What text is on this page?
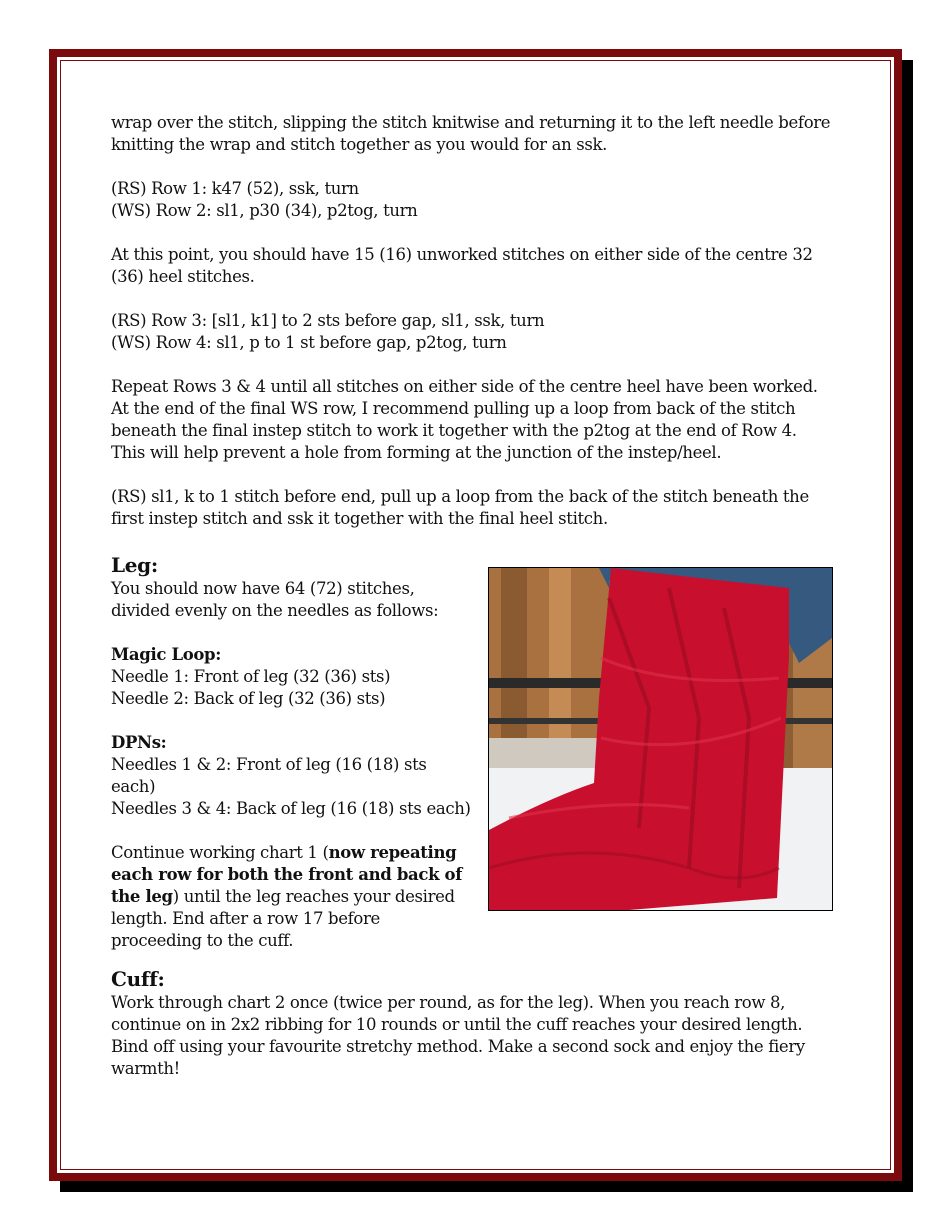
wrap over the stitch, slipping the stitch knitwise and returning it to the left needle before knitting the wrap and stitch together as you would for an ssk.

(RS) Row 1: k47 (52), ssk, turn

(WS) Row 2: sl1, p30 (34), p2tog, turn

At this point, you should have 15 (16) unworked stitches on either side of the centre 32 (36) heel stitches.

(RS) Row 3: [sl1, k1] to 2 sts before gap, sl1, ssk, turn

(WS) Row 4: sl1, p to 1 st before gap, p2tog, turn

Repeat Rows 3 & 4 until all stitches on either side of the centre heel have been worked. At the end of the final WS row, I recommend pulling up a loop from back of the stitch beneath the final instep stitch to work it together with the p2tog at the end of Row 4. This will help prevent a hole from forming at the junction of the instep/heel.

(RS) sl1, k to 1 stitch before end, pull up a loop from the back of the stitch beneath the first instep stitch and ssk it together with the final heel stitch.

Leg:

You should now have 64 (72) stitches, divided evenly on the needles as follows:

Magic Loop:

Needle 1: Front of leg (32 (36) sts)

Needle 2: Back of leg (32 (36) sts)

DPNs:

Needles 1 & 2: Front of leg (16 (18) sts each)

Needles 3 & 4: Back of leg (16 (18) sts each)

Continue working chart 1 (now repeating each row for both the front and back of the leg) until the leg reaches your desired length. End after a row 17 before proceeding to the cuff.

Cuff:

Work through chart 2 once (twice per round, as for the leg). When you reach row 8, continue on in 2x2 ribbing for 10 rounds or until the cuff reaches your desired length. Bind off using your favourite stretchy method. Make a second sock and enjoy the fiery warmth!
